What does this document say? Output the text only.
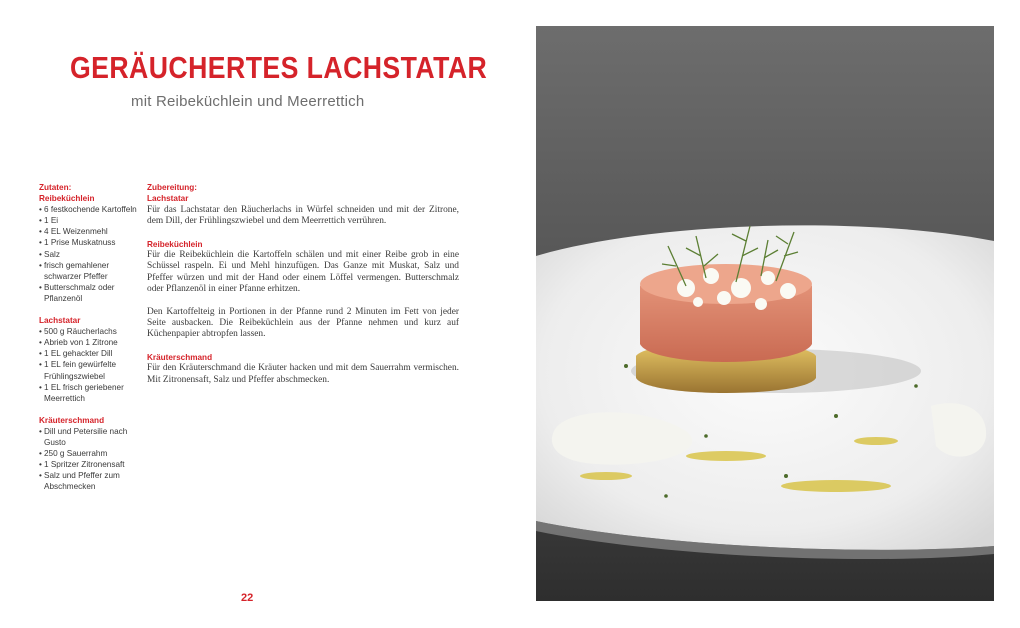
GERÄUCHERTES LACHSTATAR
mit Reibeküchlein und Meerrettich
Zutaten:
Reibeküchlein
• 6 festkochende Kartoffeln
• 1 Ei
• 4 EL Weizenmehl
• 1 Prise Muskatnuss
• Salz
• frisch gemahlener schwarzer Pfeffer
• Butterschmalz oder Pflanzenöl
Lachstatar
• 500 g Räucherlachs
• Abrieb von 1 Zitrone
• 1 EL gehackter Dill
• 1 EL fein gewürfelte Frühlingszwiebel
• 1 EL frisch geriebener Meerrettich
Kräuterschmand
• Dill und Petersilie nach Gusto
• 250 g Sauerrahm
• 1 Spritzer Zitronensaft
• Salz und Pfeffer zum Abschmecken
Zubereitung:
Lachstatar

Für das Lachstatar den Räucherlachs in Würfel schneiden und mit der Zitrone, dem Dill, der Frühlingszwiebel und dem Meerrettich verrühren.

Reibeküchlein

Für die Reibeküchlein die Kartoffeln schälen und mit einer Reibe grob in eine Schüssel raspeln. Ei und Mehl hinzufügen. Das Ganze mit Muskat, Salz und Pfeffer würzen und mit der Hand oder einem Löffel vermengen. Butterschmalz oder Pflanzenöl in einer Pfanne erhitzen.

Den Kartoffelteig in Portionen in der Pfanne rund 2 Minuten im Fett von jeder Seite ausbacken. Die Reibeküchlein aus der Pfanne nehmen und kurz auf Küchenpapier abtropfen lassen.

Kräuterschmand

Für den Kräuterschmand die Kräuter hacken und mit dem Sauerrahm vermischen. Mit Zitronensaft, Salz und Pfeffer abschmecken.

22
